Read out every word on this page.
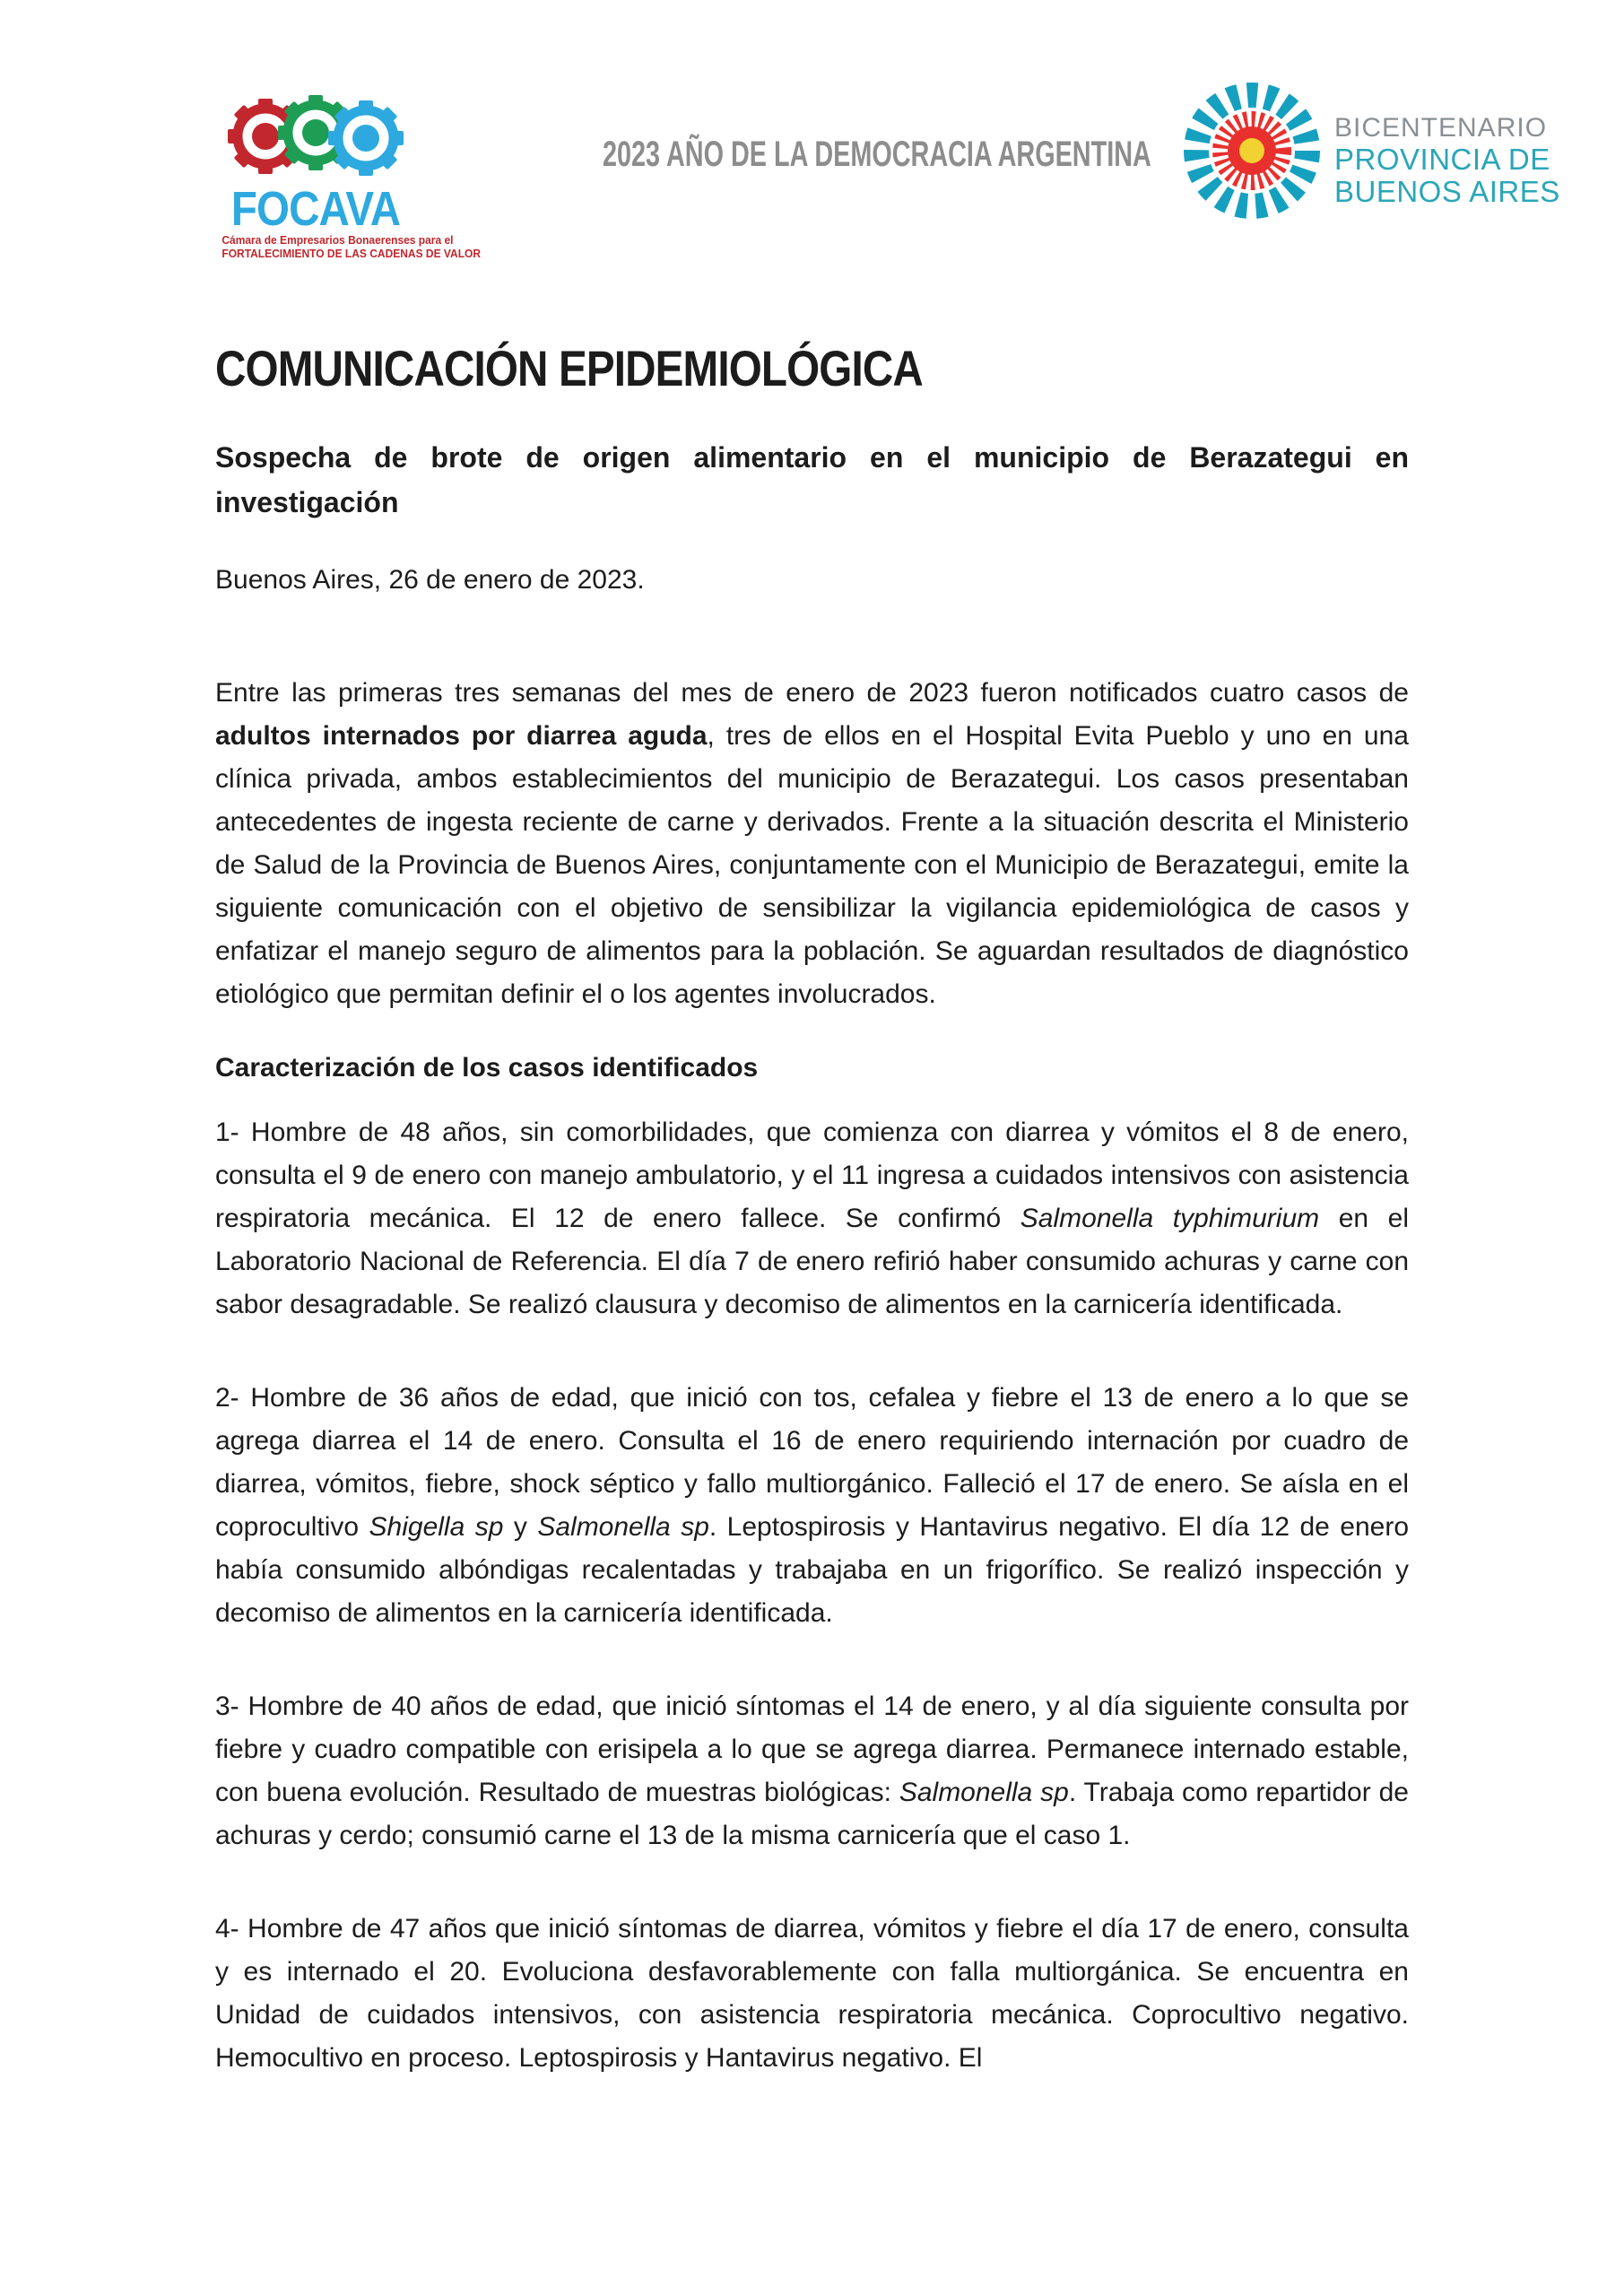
FOCAVA
Cámara de Empresarios Bonaerenses para el
FORTALECIMIENTO DE LAS CADENAS DE VALOR
2023 AÑO DE LA DEMOCRACIA ARGENTINA
BICENTENARIO
PROVINCIA DE
BUENOS AIRES
COMUNICACIÓN EPIDEMIOLÓGICA
Sospecha de brote de origen alimentario en el municipio de Berazategui en investigación

Buenos Aires, 26 de enero de 2023.

Entre las primeras tres semanas del mes de enero de 2023 fueron notificados cuatro casos de adultos internados por diarrea aguda, tres de ellos en el Hospital Evita Pueblo y uno en una clínica privada, ambos establecimientos del municipio de Berazategui. Los casos presentaban antecedentes de ingesta reciente de carne y derivados. Frente a la situación descrita el Ministerio de Salud de la Provincia de Buenos Aires, conjuntamente con el Municipio de Berazategui, emite la siguiente comunicación con el objetivo de sensibilizar la vigilancia epidemiológica de casos y enfatizar el manejo seguro de alimentos para la población. Se aguardan resultados de diagnóstico etiológico que permitan definir el o los agentes involucrados.

Caracterización de los casos identificados

1- Hombre de 48 años, sin comorbilidades, que comienza con diarrea y vómitos el 8 de enero, consulta el 9 de enero con manejo ambulatorio, y el 11 ingresa a cuidados intensivos con asistencia respiratoria mecánica. El 12 de enero fallece. Se confirmó Salmonella typhimurium en el Laboratorio Nacional de Referencia. El día 7 de enero refirió haber consumido achuras y carne con sabor desagradable. Se realizó clausura y decomiso de alimentos en la carnicería identificada.

2- Hombre de 36 años de edad, que inició con tos, cefalea y fiebre el 13 de enero a lo que se agrega diarrea el 14 de enero. Consulta el 16 de enero requiriendo internación por cuadro de diarrea, vómitos, fiebre, shock séptico y fallo multiorgánico. Falleció el 17 de enero. Se aísla en el coprocultivo Shigella sp y Salmonella sp. Leptospirosis y Hantavirus negativo. El día 12 de enero había consumido albóndigas recalentadas y trabajaba en un frigorífico. Se realizó inspección y decomiso de alimentos en la carnicería identificada.

3- Hombre de 40 años de edad, que inició síntomas el 14 de enero, y al día siguiente consulta por fiebre y cuadro compatible con erisipela a lo que se agrega diarrea. Permanece internado estable, con buena evolución. Resultado de muestras biológicas: Salmonella sp. Trabaja como repartidor de achuras y cerdo; consumió carne el 13 de la misma carnicería que el caso 1.

4- Hombre de 47 años que inició síntomas de diarrea, vómitos y fiebre el día 17 de enero, consulta y es internado el 20. Evoluciona desfavorablemente con falla multiorgánica. Se encuentra en Unidad de cuidados intensivos, con asistencia respiratoria mecánica. Coprocultivo negativo. Hemocultivo en proceso. Leptospirosis y Hantavirus negativo. El
